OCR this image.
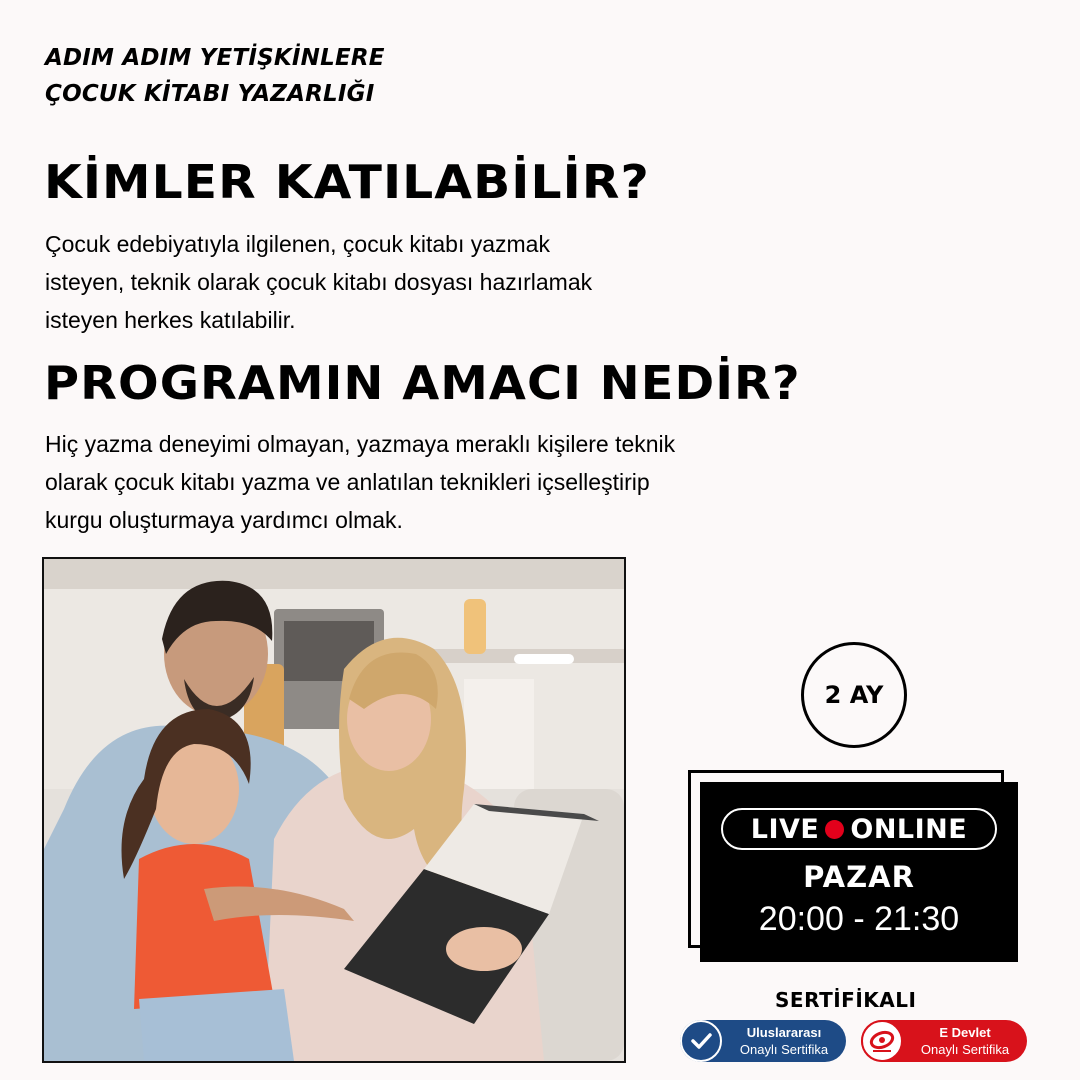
ADIM ADIM YETİŞKİNLERE
ÇOCUK KİTABI YAZARLIĞI
KİMLER KATILABİLİR?
Çocuk edebiyatıyla ilgilenen, çocuk kitabı yazmak
isteyen, teknik olarak çocuk kitabı dosyası hazırlamak
isteyen herkes katılabilir.
PROGRAMIN AMACI NEDİR?
Hiç yazma deneyimi olmayan, yazmaya meraklı kişilere teknik
olarak çocuk kitabı yazma ve anlatılan teknikleri içselleştirip
kurgu oluşturmaya yardımcı olmak.
2 AY
LIVE ONLINE
PAZAR
20:00 - 21:30
SERTİFİKALI
Uluslararası
Onaylı Sertifika
E Devlet
Onaylı Sertifika
